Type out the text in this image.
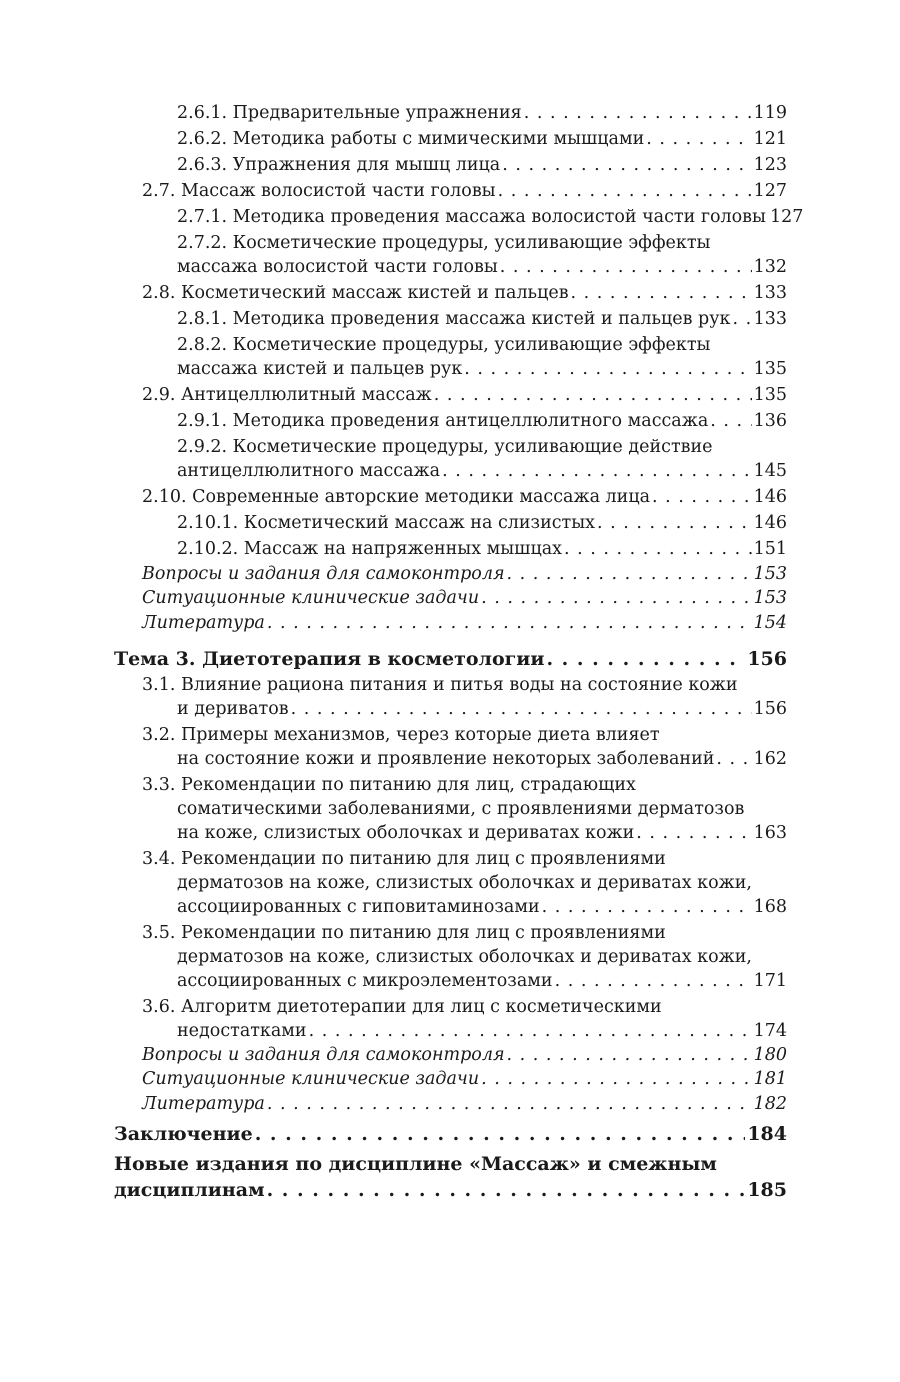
2.6.1. Предварительные упражнения . . .	119
2.6.2. Методика работы с мимическими мышцами . . .	121
2.6.3. Упражнения для мышц лица . . .	123
2.7. Массаж волосистой части головы . . .	127
2.7.1. Методика проведения массажа волосистой части головы 127
2.7.2. Косметические процедуры, усиливающие эффекты
массажа волосистой части головы . . .	132
2.8. Косметический массаж кистей и пальцев . . .	133
2.8.1. Методика проведения массажа кистей и пальцев рук . . . 133
2.8.2. Косметические процедуры, усиливающие эффекты
массажа кистей и пальцев рук . . .	135
2.9. Антицеллюлитный массаж . . .	135
2.9.1. Методика проведения антицеллюлитного массажа . . .	136
2.9.2. Косметические процедуры, усиливающие действие
антицеллюлитного массажа . . .	145
2.10. Современные авторские методики массажа лица . . .	146
2.10.1. Косметический массаж на слизистых . . .	146
2.10.2. Массаж на напряженных мышцах . . .	151
Вопросы и задания для самоконтроля . . .	153
Ситуационные клинические задачи . . .	153
Литература . . .	154
Тема 3. Диетотерапия в косметологии . . .	156
3.1. Влияние рациона питания и питья воды на состояние кожи
и дериватов . . .	156
3.2. Примеры механизмов, через которые диета влияет
на состояние кожи и проявление некоторых заболеваний . . . 162
3.3. Рекомендации по питанию для лиц, страдающих
соматическими заболеваниями, с проявлениями дерматозов
на коже, слизистых оболочках и дериватах кожи . . .	163
3.4. Рекомендации по питанию для лиц с проявлениями
дерматозов на коже, слизистых оболочках и дериватах кожи,
ассоциированных с гиповитаминозами . . .	168
3.5. Рекомендации по питанию для лиц с проявлениями
дерматозов на коже, слизистых оболочках и дериватах кожи,
ассоциированных с микроэлементозами . . .	171
3.6. Алгоритм диетотерапии для лиц с косметическими
недостатками . . .	174
Вопросы и задания для самоконтроля . . .	180
Ситуационные клинические задачи . . .	181
Литература . . .	182
Заключение . . .	184
Новые издания по дисциплине «Массаж» и смежным
дисциплинам . . .	185
